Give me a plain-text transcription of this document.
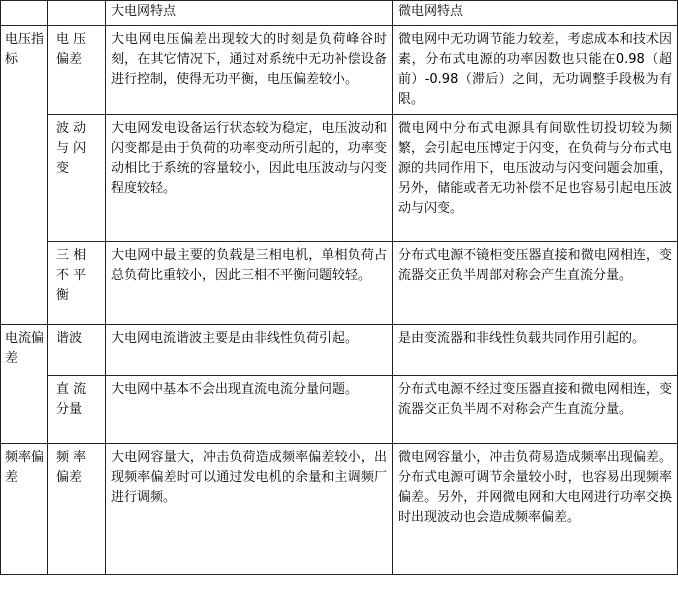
		大电网特点	微电网特点
电压指标	电 压 偏差	大电网电压偏差出现较大的时刻是负荷峰谷时刻，在其它情况下，通过对系统中无功补偿设备进行控制，使得无功平衡，电压偏差较小。	微电网中无功调节能力较差，考虑成本和技术因素，分布式电源的功率因数也只能在0.98（超前）-0.98（滞后）之间，无功调整手段极为有限。
	波 动 与 闪 变	大电网发电设备运行状态较为稳定，电压波动和闪变都是由于负荷的功率变动所引起的，功率变动相比于系统的容量较小，因此电压波动与闪变程度较轻。	微电网中分布式电源具有间歇性切投切较为频繁，会引起电压博定于闪变，在负荷与分布式电源的共同作用下，电压波动与闪变问题会加重，另外，储能或者无功补偿不足也容易引起电压波动与闪变。
	三 相 不 平 衡	大电网中最主要的负载是三相电机，单相负荷占总负荷比重较小，因此三相不平衡问题较轻。	分布式电源不镜柜变压器直接和微电网相连，变流器交正负半周部对称会产生直流分量。
电流偏差	谐波	大电网电流谐波主要是由非线性负荷引起。	是由变流器和非线性负载共同作用引起的。
	直 流 分量	大电网中基本不会出现直流电流分量问题。	分布式电源不经过变压器直接和微电网相连，变流器交正负半周不对称会产生直流分量。
频率偏差	频 率 偏差	大电网容量大，冲击负荷造成频率偏差较小，出现频率偏差时可以通过发电机的余量和主调频厂进行调频。	微电网容量小，冲击负荷易造成频率出现偏差。分布式电源可调节余量较小时，也容易出现频率偏差。另外，并网微电网和大电网进行功率交换时出现波动也会造成频率偏差。
